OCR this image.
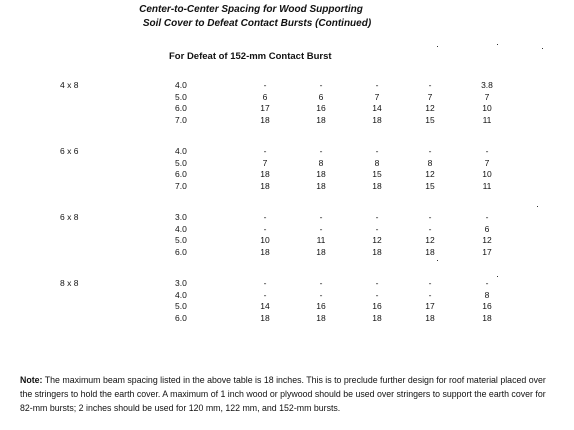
Center-to-Center Spacing for Wood Supporting
Soil Cover to Defeat Contact Bursts (Continued)
For Defeat of 152-mm Contact Burst
4 x 8	4.0	-	-	-	-	3.8
5.0	6	6	7	7	7
6.0	17	16	14	12	10
7.0	18	18	18	15	11
6 x 6	4.0	-	-	-	-	-
5.0	7	8	8	8	7
6.0	18	18	15	12	10
7.0	18	18	18	15	11
6 x 8	3.0	-	-	-	-	-
4.0	-	-	-	-	6
5.0	10	11	12	12	12
6.0	18	18	18	18	17
8 x 8	3.0	-	-	-	-	-
4.0	-	-	-	-	8
5.0	14	16	16	17	16
6.0	18	18	18	18	18
Note: The maximum beam spacing listed in the above table is 18 inches. This is to preclude further design for roof material placed over the stringers to hold the earth cover. A maximum of 1 inch wood or plywood should be used over stringers to support the earth cover for 82-mm bursts; 2 inches should be used for 120 mm, 122 mm, and 152-mm bursts.
